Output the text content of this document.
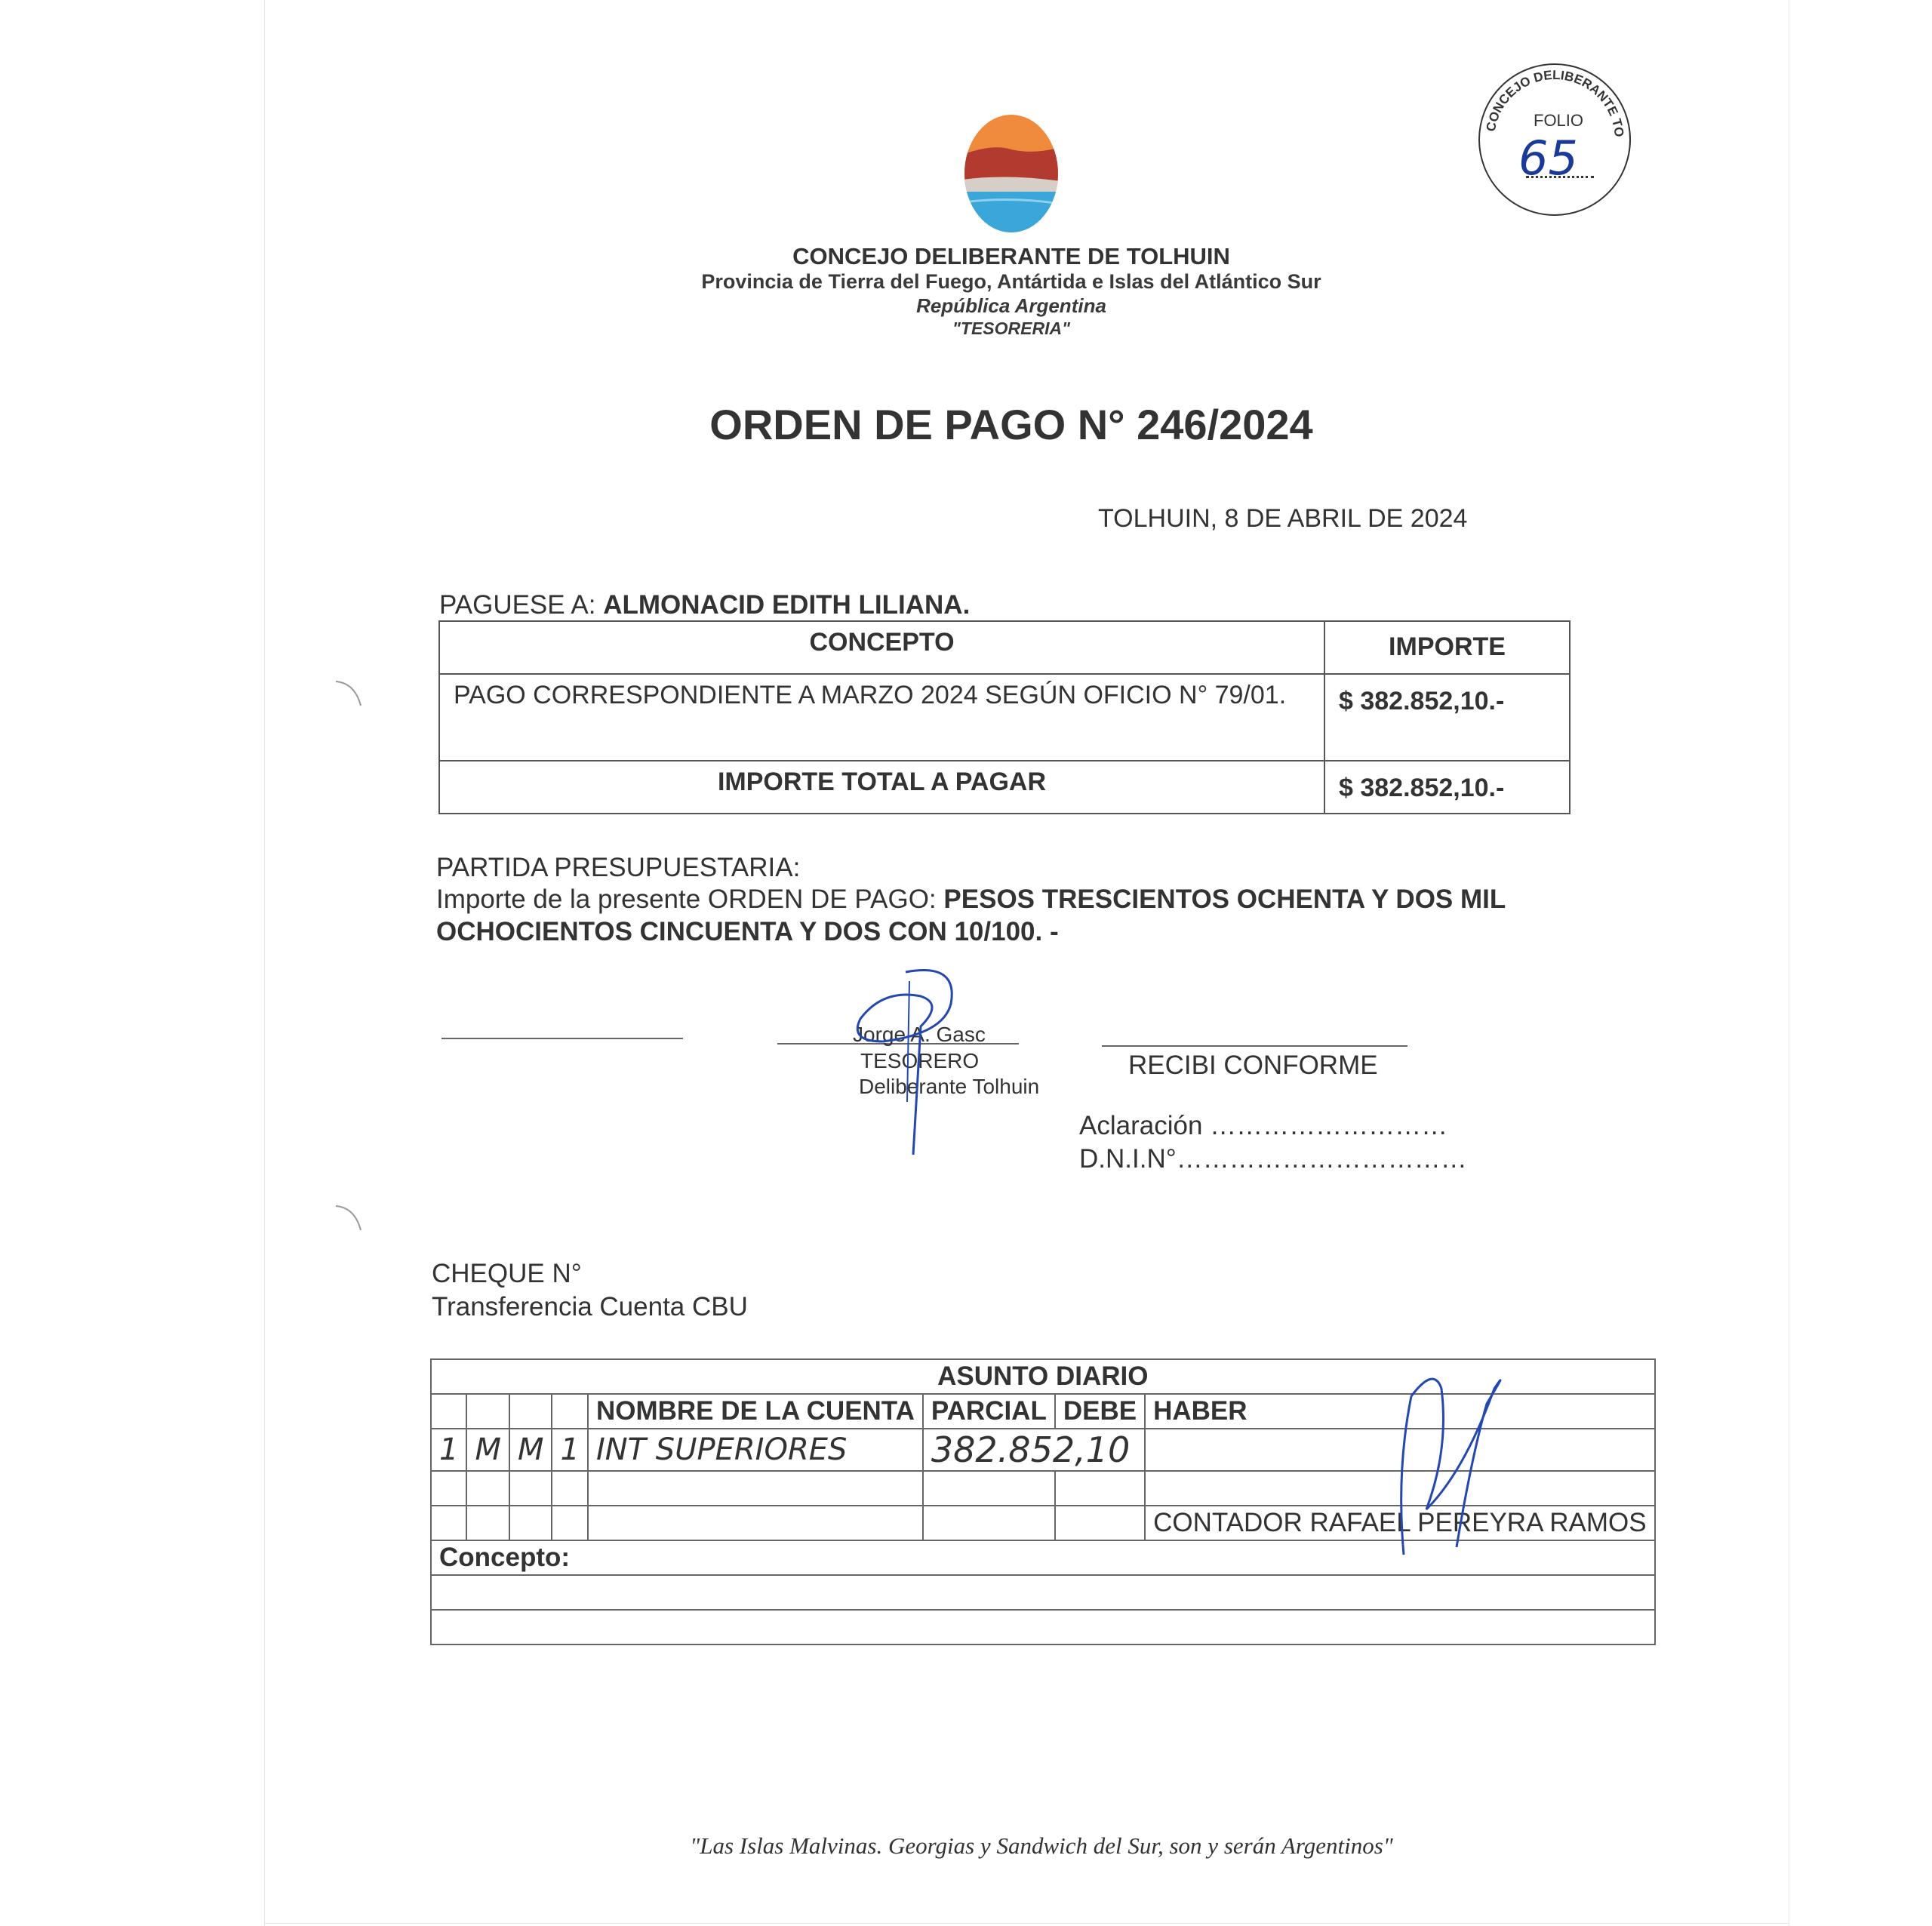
CONCEJO DELIBERANTE DE TOLHUIN
Provincia de Tierra del Fuego, Antártida e Islas del Atlántico Sur
República Argentina
"TESORERIA"
CONCEJO DELIBERANTE TO
FOLIO
65
ORDEN DE PAGO N° 246/2024
TOLHUIN, 8 DE ABRIL DE 2024
PAGUESE A: ALMONACID EDITH LILIANA.
CONCEPTO	IMPORTE
PAGO CORRESPONDIENTE A MARZO 2024 SEGÚN OFICIO N° 79/01.	$ 382.852,10.-
IMPORTE TOTAL A PAGAR	$ 382.852,10.-
PARTIDA PRESUPUESTARIA:
Importe de la presente ORDEN DE PAGO: PESOS TRESCIENTOS OCHENTA Y DOS MIL
OCHOCIENTOS CINCUENTA Y DOS CON 10/100. -
Jorge A. Gasc
TESORERO
Deliberante Tolhuin
RECIBI CONFORME
Aclaración ………………………
D.N.I.N°……………………………
CHEQUE N°
Transferencia Cuenta CBU
ASUNTO DIARIO							
				NOMBRE DE LA CUENTA	PARCIAL	DEBE	HABER
1	M	M	1	INT SUPERIORES	382.852,10		

							CONTADOR RAFAEL PEREYRA RAMOS
Concepto:							

"Las Islas Malvinas. Georgias y Sandwich del Sur, son y serán Argentinos"
